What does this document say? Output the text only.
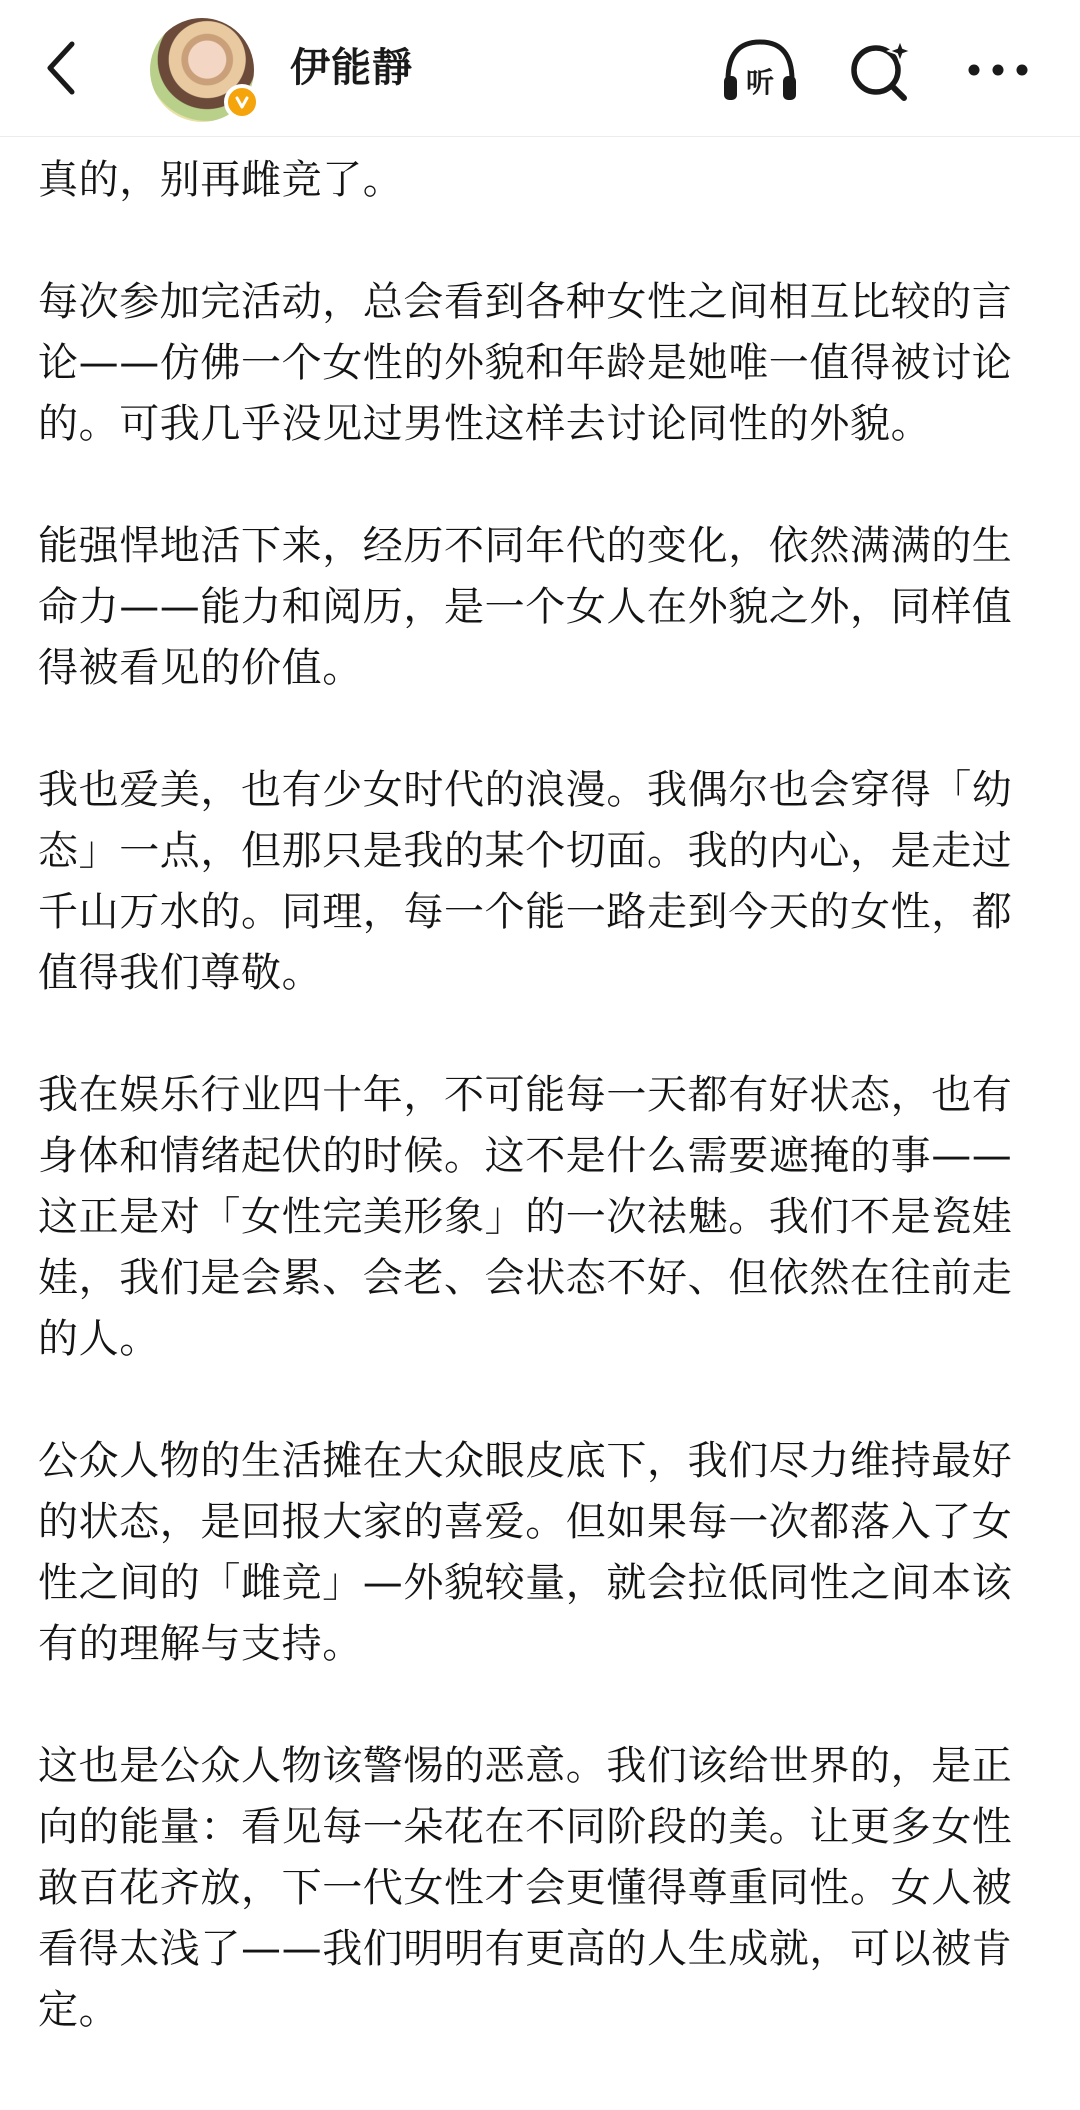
伊能靜	听

真的，别再雌竞了。

每次参加完活动，总会看到各种女性之间相互比较的言论——仿佛一个女性的外貌和年龄是她唯一值得被讨论的。可我几乎没见过男性这样去讨论同性的外貌。

能强悍地活下来，经历不同年代的变化，依然满满的生命力——能力和阅历，是一个女人在外貌之外，同样值得被看见的价值。

我也爱美，也有少女时代的浪漫。我偶尔也会穿得「幼态」一点，但那只是我的某个切面。我的内心，是走过千山万水的。同理，每一个能一路走到今天的女性，都值得我们尊敬。

我在娱乐行业四十年，不可能每一天都有好状态，也有身体和情绪起伏的时候。这不是什么需要遮掩的事——这正是对「女性完美形象」的一次祛魅。我们不是瓷娃娃，我们是会累、会老、会状态不好、但依然在往前走的人。

公众人物的生活摊在大众眼皮底下，我们尽力维持最好的状态，是回报大家的喜爱。但如果每一次都落入了女性之间的「雌竞」—外貌较量，就会拉低同性之间本该有的理解与支持。

这也是公众人物该警惕的恶意。我们该给世界的，是正向的能量：看见每一朵花在不同阶段的美。让更多女性敢百花齐放，下一代女性才会更懂得尊重同性。女人被看得太浅了——我们明明有更高的人生成就，可以被肯定。
